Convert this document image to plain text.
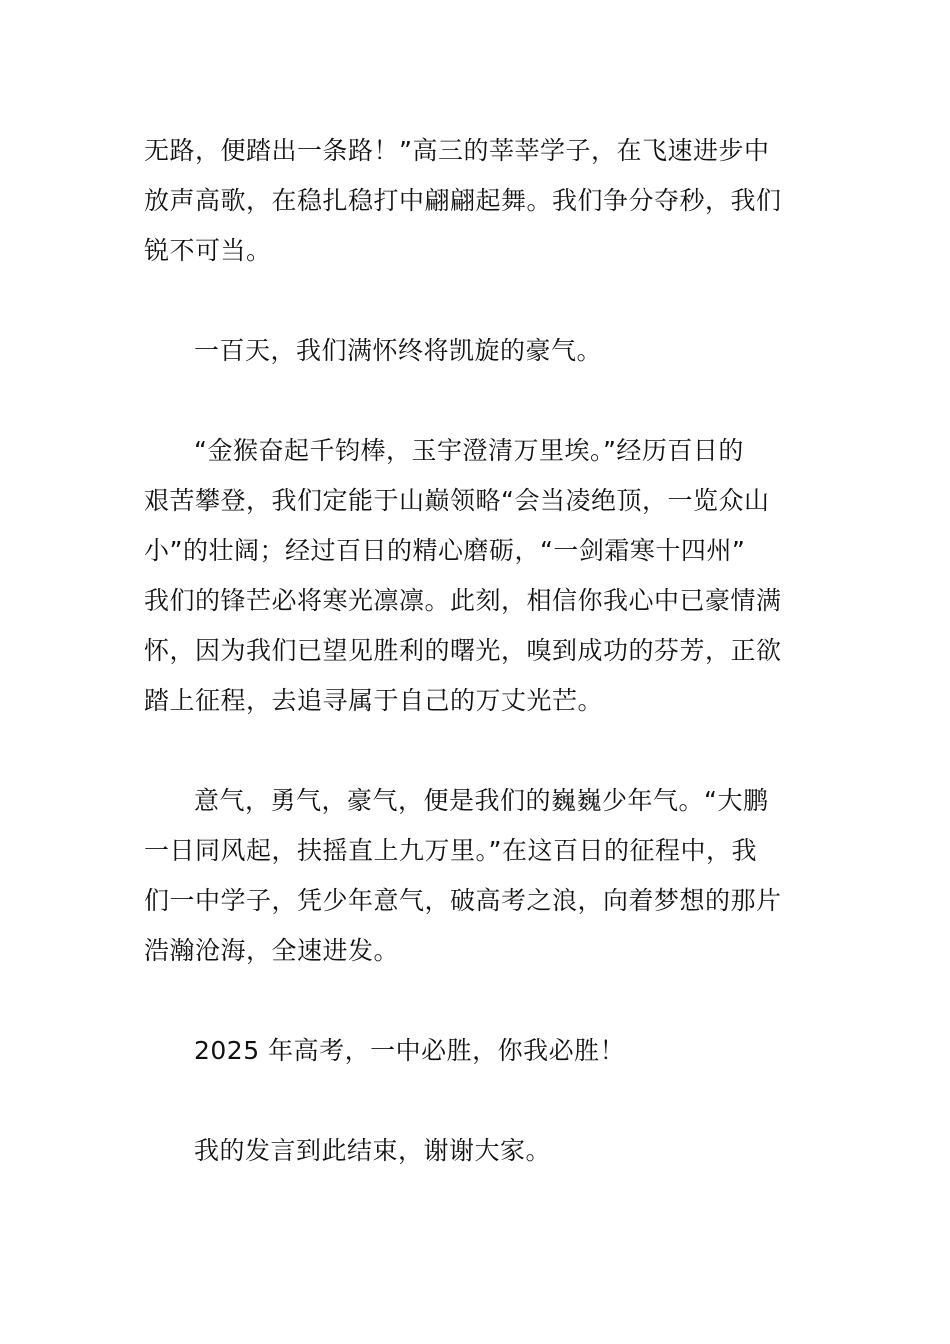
无路，便踏出一条路！”高三的莘莘学子，在飞速进步中
放声高歌，在稳扎稳打中翩翩起舞。我们争分夺秒，我们
锐不可当。
一百天，我们满怀终将凯旋的豪气。
“金猴奋起千钧棒，玉宇澄清万里埃。”经历百日的
艰苦攀登，我们定能于山巅领略“会当凌绝顶，一览众山
小”的壮阔；经过百日的精心磨砺，“一剑霜寒十四州”
我们的锋芒必将寒光凛凛。此刻，相信你我心中已豪情满
怀，因为我们已望见胜利的曙光，嗅到成功的芬芳，正欲
踏上征程，去追寻属于自己的万丈光芒。
意气，勇气，豪气，便是我们的巍巍少年气。“大鹏
一日同风起，扶摇直上九万里。”在这百日的征程中，我
们一中学子，凭少年意气，破高考之浪，向着梦想的那片
浩瀚沧海，全速进发。
2025 年高考，一中必胜，你我必胜！
我的发言到此结束，谢谢大家。
